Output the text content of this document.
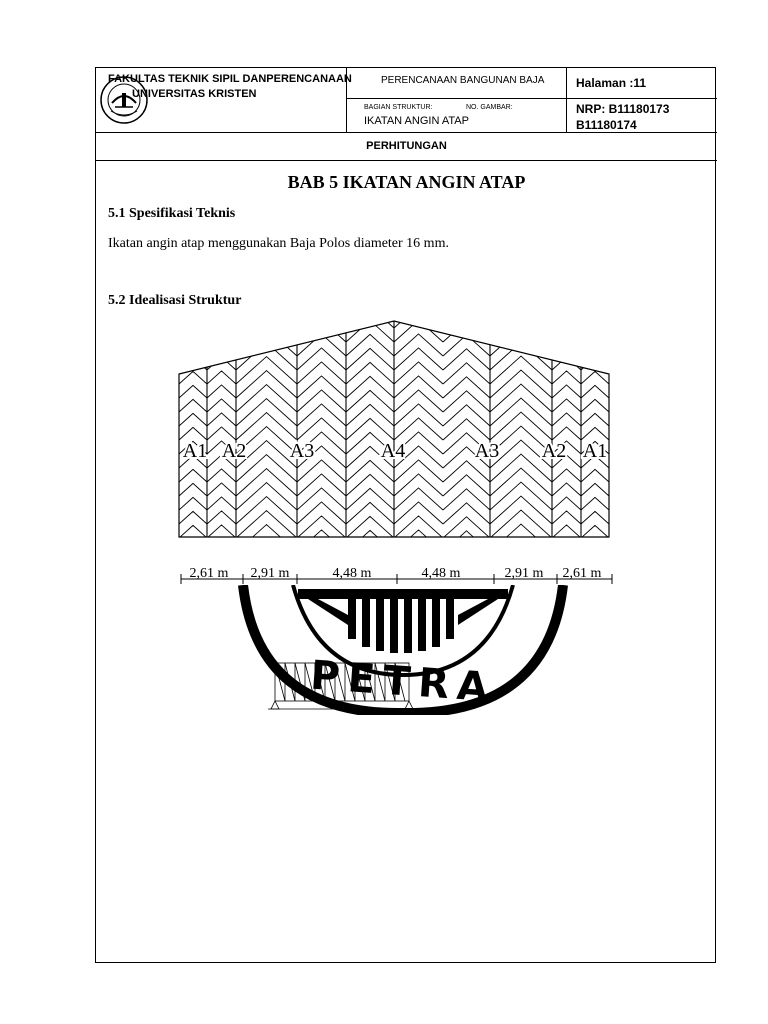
FAKULTAS TEKNIK SIPIL DANPERENCANAAN
UNIVERSITAS KRISTEN
PERENCANAAN BANGUNAN BAJA	Halaman :11
BAGIAN STRUKTUR:	NO. GAMBAR:
IKATAN ANGIN ATAP
NRP: B11180173
B11180174
PERHITUNGAN
BAB 5 IKATAN ANGIN ATAP
5.1 Spesifikasi Teknis
Ikatan angin atap menggunakan Baja Polos diameter 16 mm.
5.2 Idealisasi Struktur
PETRA
A1 A2 A3	A4	A3 A2 A1
2,61 m 2,91 m	4,48 m	4,48 m	2,91 m 2,61 m
